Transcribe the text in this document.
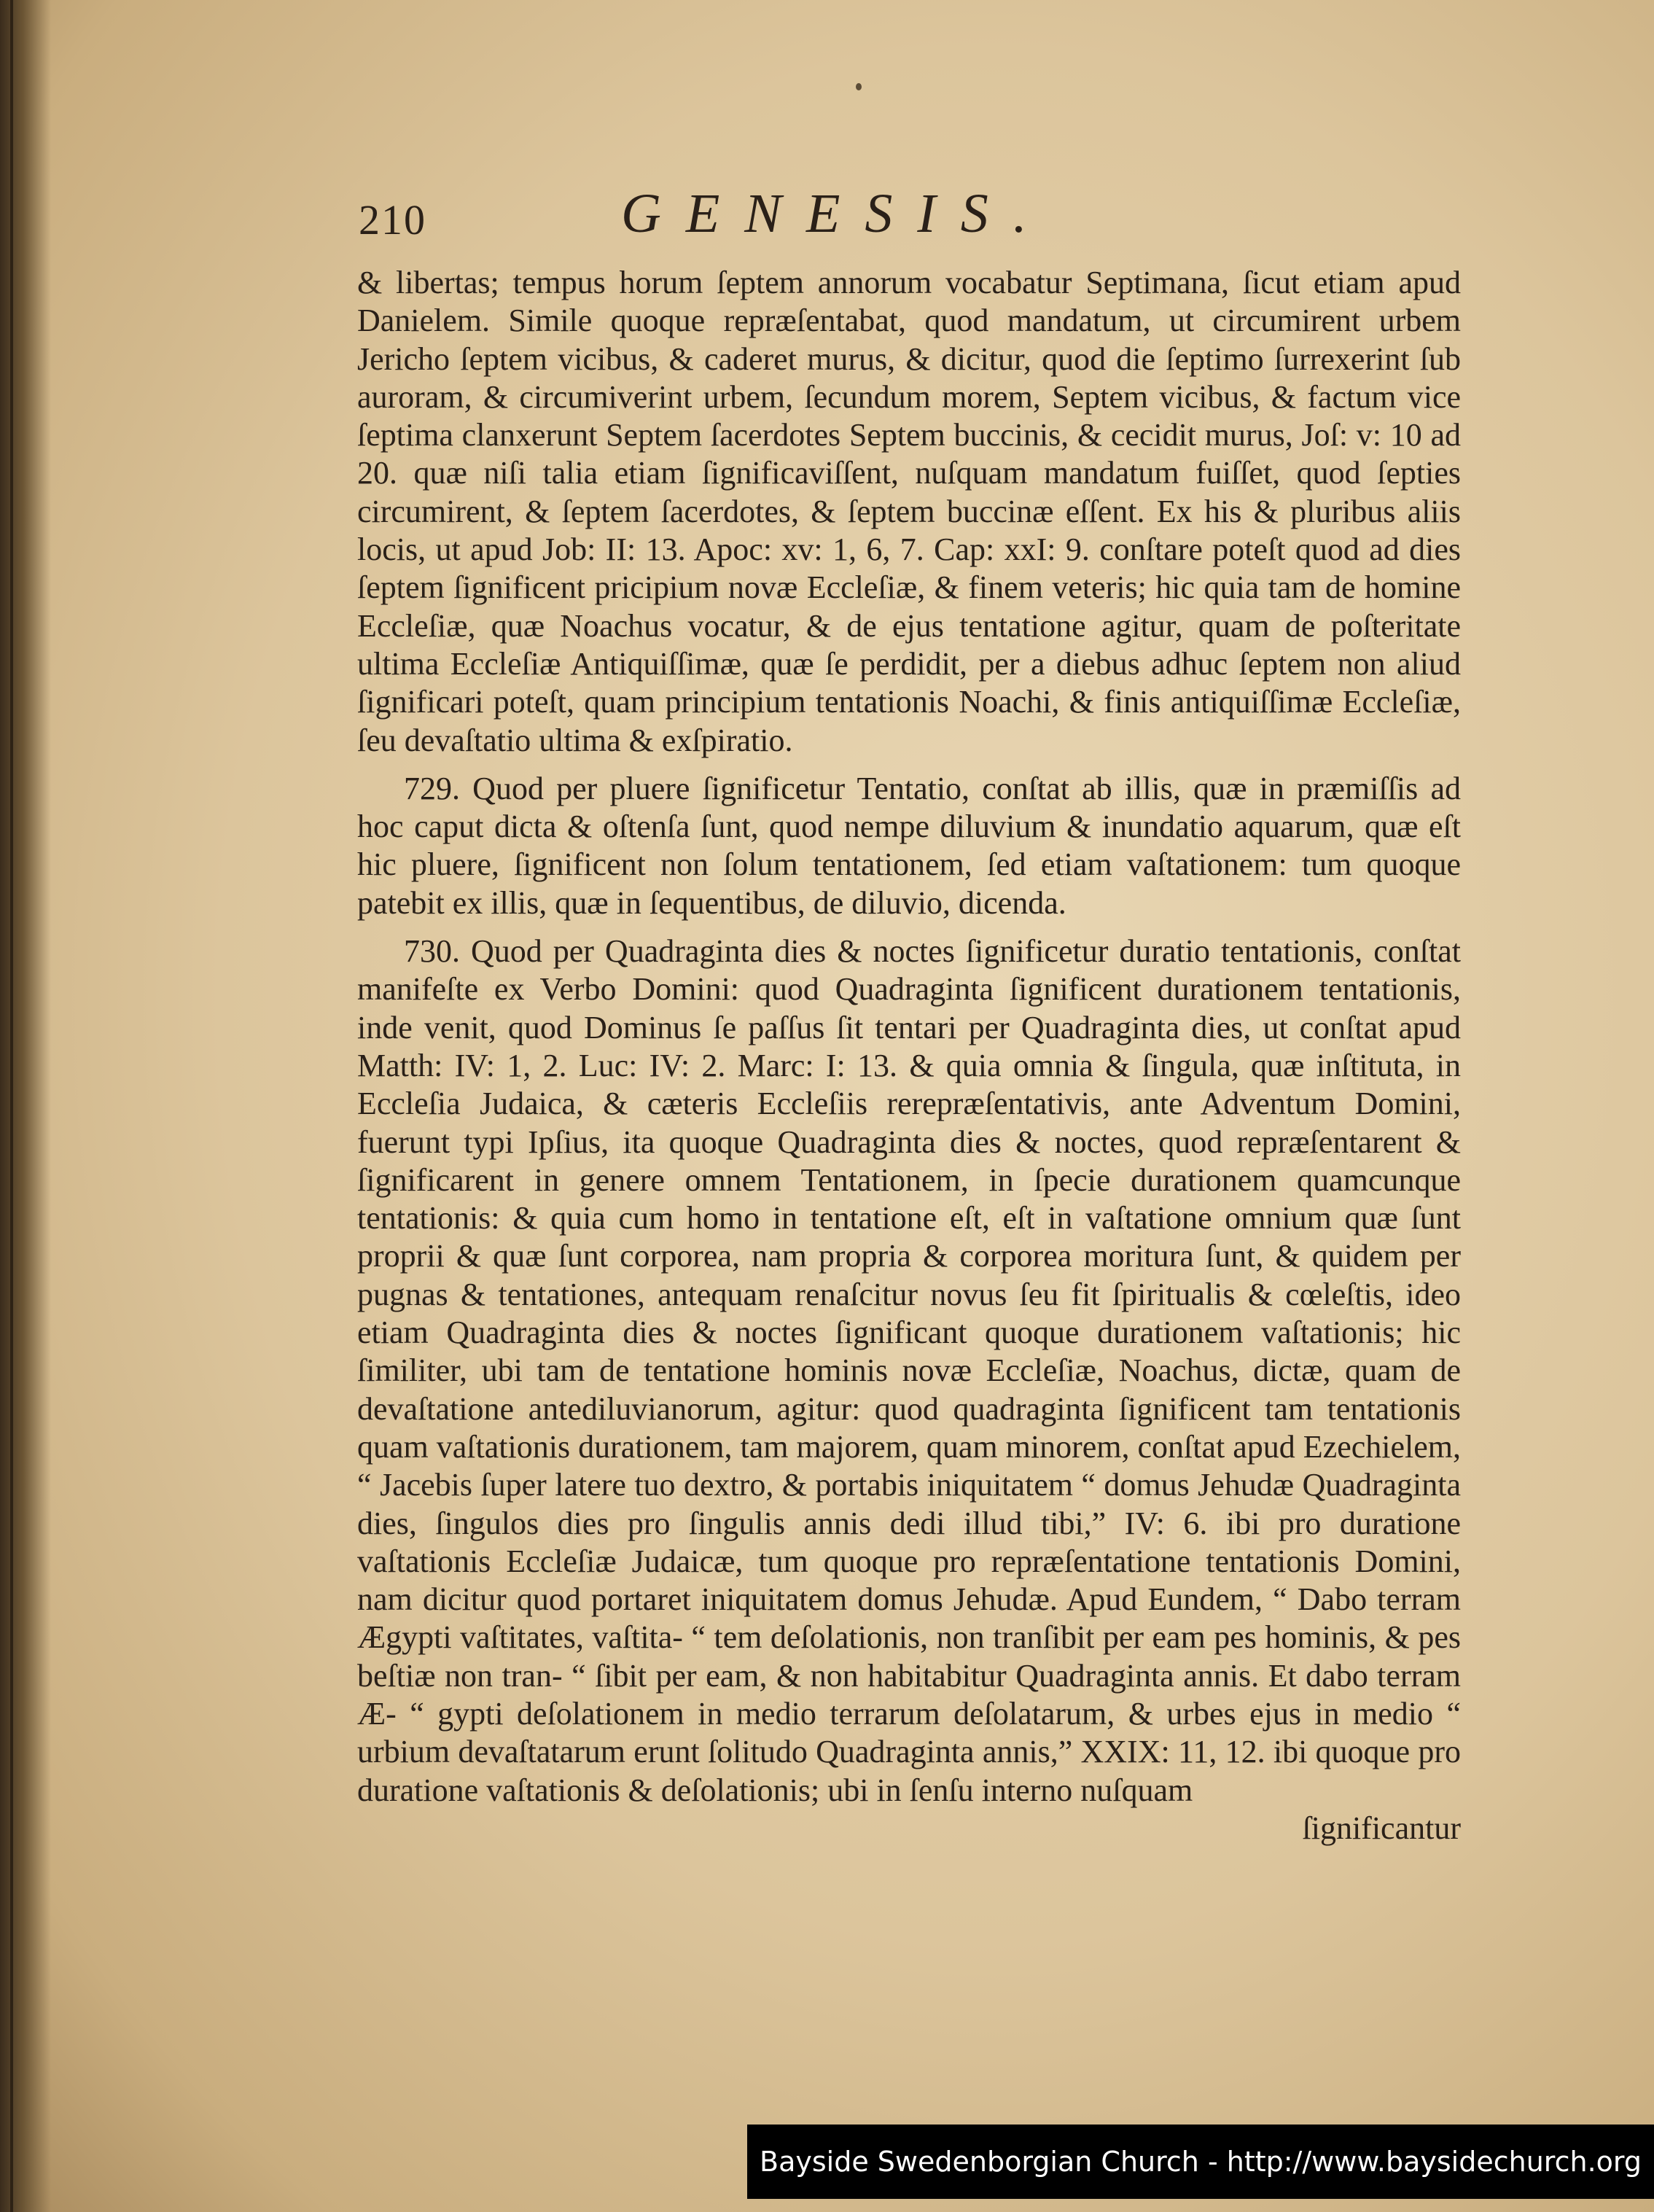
210	GENESIS.

& libertas; tempus horum ſeptem annorum vocabatur Septimana, ſicut etiam apud Danielem. Simile quoque repræſentabat, quod mandatum, ut circumirent urbem Jericho ſeptem vicibus, & caderet murus, & dicitur, quod die ſeptimo ſurrexerint ſub auroram, & circumiverint urbem, ſecundum morem, Septem vicibus, & factum vice ſeptima clanxerunt Septem ſacerdotes Septem buccinis, & cecidit murus, Joſ: v: 10 ad 20. quæ niſi talia etiam ſignificaviſſent, nuſquam mandatum fuiſſet, quod ſepties circumirent, & ſeptem ſacerdotes, & ſeptem buccinæ eſſent. Ex his & pluribus aliis locis, ut apud Job: II: 13. Apoc: xv: 1, 6, 7. Cap: xxI: 9. conſtare poteſt quod ad dies ſeptem ſignificent pricipium novæ Eccleſiæ, & finem veteris; hic quia tam de homine Eccleſiæ, quæ Noachus vocatur, & de ejus tentatione agitur, quam de poſteritate ultima Eccleſiæ Antiquiſſimæ, quæ ſe perdidit, per a diebus adhuc ſeptem non aliud ſignificari poteſt, quam principium tentationis Noachi, & finis antiquiſſimæ Eccleſiæ, ſeu devaſtatio ultima & exſpiratio.

729. Quod per pluere ſignificetur Tentatio, conſtat ab illis, quæ in præmiſſis ad hoc caput dicta & oſtenſa ſunt, quod nempe diluvium & inundatio aquarum, quæ eſt hic pluere, ſignificent non ſolum tentationem, ſed etiam vaſtationem: tum quoque patebit ex illis, quæ in ſequentibus, de diluvio, dicenda.

730. Quod per Quadraginta dies & noctes ſignificetur duratio tentationis, conſtat manifeſte ex Verbo Domini: quod Quadraginta ſignificent durationem tentationis, inde venit, quod Dominus ſe paſſus ſit tentari per Quadraginta dies, ut conſtat apud Matth: IV: 1, 2. Luc: IV: 2. Marc: I: 13. & quia omnia & ſingula, quæ inſtituta, in Eccleſia Judaica, & cæteris Eccleſiis rerepræſentativis, ante Adventum Domini, fuerunt typi Ipſius, ita quoque Quadraginta dies & noctes, quod repræſentarent & ſignificarent in genere omnem Tentationem, in ſpecie durationem quamcunque tentationis: & quia cum homo in tentatione eſt, eſt in vaſtatione omnium quæ ſunt proprii & quæ ſunt corporea, nam propria & corporea moritura ſunt, & quidem per pugnas & tentationes, antequam renaſcitur novus ſeu fit ſpiritualis & cœleſtis, ideo etiam Quadraginta dies & noctes ſignificant quoque durationem vaſtationis; hic ſimiliter, ubi tam de tentatione hominis novæ Eccleſiæ, Noachus, dictæ, quam de devaſtatione antediluvianorum, agitur: quod quadraginta ſignificent tam tentationis quam vaſtationis durationem, tam majorem, quam minorem, conſtat apud Ezechielem, “ Jacebis ſuper latere tuo dextro, & portabis iniquitatem “ domus Jehudæ Quadraginta dies, ſingulos dies pro ſingulis annis dedi illud tibi,” IV: 6. ibi pro duratione vaſtationis Eccleſiæ Judaicæ, tum quoque pro repræſentatione tentationis Domini, nam dicitur quod portaret iniquitatem domus Jehudæ. Apud Eundem, “ Dabo terram Ægypti vaſtitates, vaſtita- “ tem deſolationis, non tranſibit per eam pes hominis, & pes beſtiæ non tran- “ ſibit per eam, & non habitabitur Quadraginta annis. Et dabo terram Æ- “ gypti deſolationem in medio terrarum deſolatarum, & urbes ejus in medio “ urbium devaſtatarum erunt ſolitudo Quadraginta annis,” XXIX: 11, 12. ibi quoque pro duratione vaſtationis & deſolationis; ubi in ſenſu interno nuſquam

ſignificantur

Bayside Swedenborgian Church - http://www.baysidechurch.org
